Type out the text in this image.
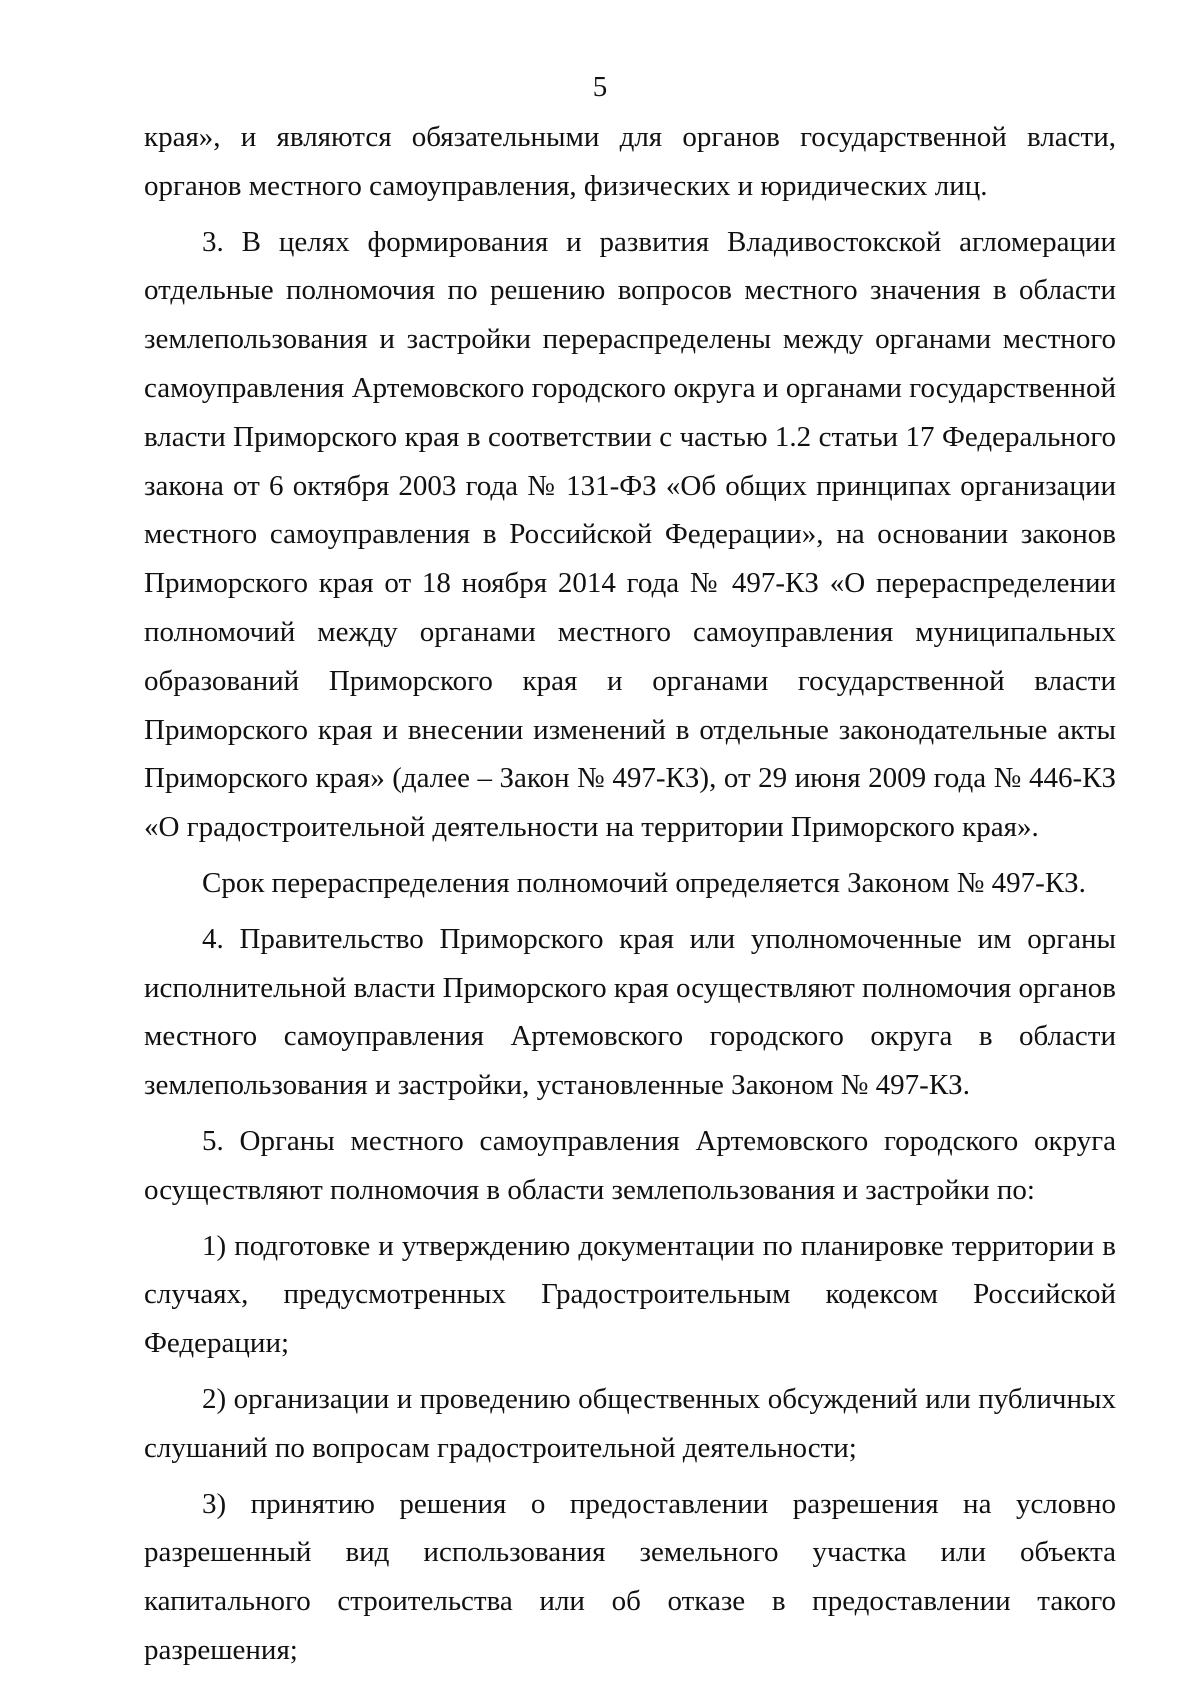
5

края», и являются обязательными для органов государственной власти, органов местного самоуправления, физических и юридических лиц.

3. В целях формирования и развития Владивостокской агломерации отдельные полномочия по решению вопросов местного значения в области землепользования и застройки перераспределены между органами местного самоуправления Артемовского городского округа и органами государственной власти Приморского края в соответствии с частью 1.2 статьи 17 Федерального закона от 6 октября 2003 года № 131-ФЗ «Об общих принципах организации местного самоуправления в Российской Федерации», на основании законов Приморского края от 18 ноября 2014 года № 497-КЗ «О перераспределении полномочий между органами местного самоуправления муниципальных образований Приморского края и органами государственной власти Приморского края и внесении изменений в отдельные законодательные акты Приморского края» (далее – Закон № 497-КЗ), от 29 июня 2009 года № 446-КЗ «О градостроительной деятельности на территории Приморского края».

Срок перераспределения полномочий определяется Законом № 497-КЗ.

4. Правительство Приморского края или уполномоченные им органы исполнительной власти Приморского края осуществляют полномочия органов местного самоуправления Артемовского городского округа в области землепользования и застройки, установленные Законом № 497-КЗ.

5. Органы местного самоуправления Артемовского городского округа осуществляют полномочия в области землепользования и застройки по:

1) подготовке и утверждению документации по планировке территории в случаях, предусмотренных Градостроительным кодексом Российской Федерации;

2) организации и проведению общественных обсуждений или публичных слушаний по вопросам градостроительной деятельности;

3) принятию решения о предоставлении разрешения на условно разрешенный вид использования земельного участка или объекта капитального строительства или об отказе в предоставлении такого разрешения;
